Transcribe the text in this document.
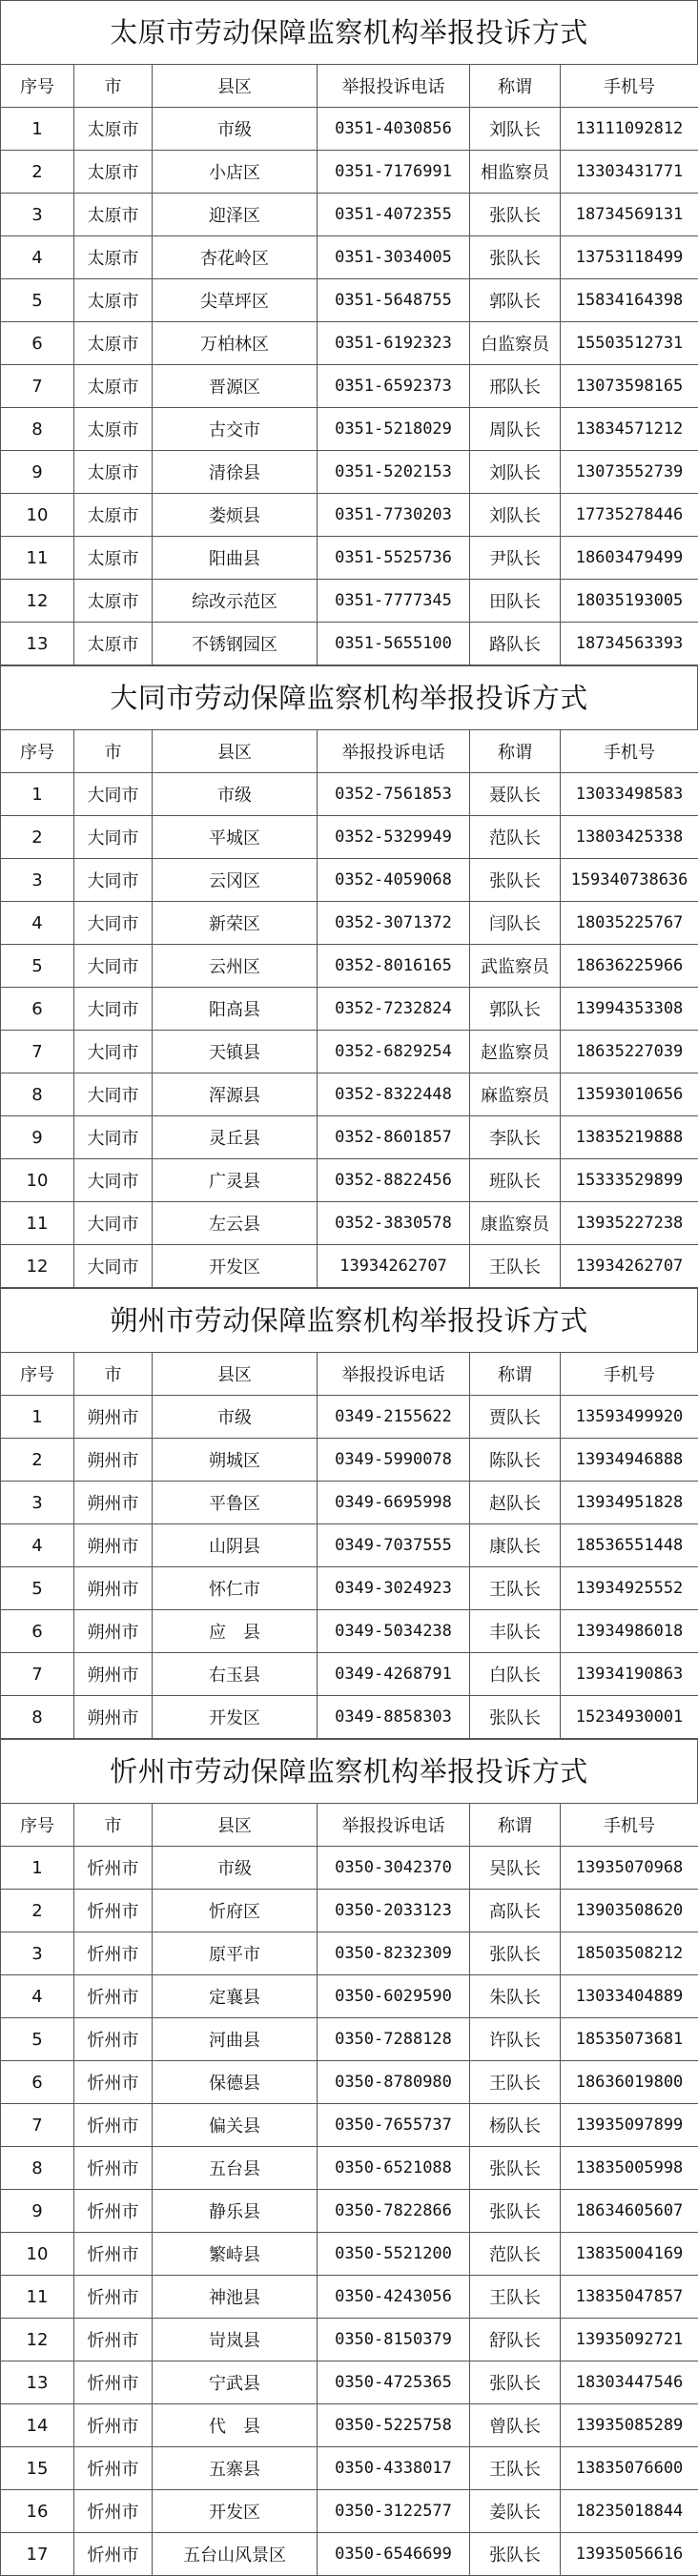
太原市劳动保障监察机构举报投诉方式
序号	市	县区	举报投诉电话	称谓	手机号
1	太原市	市级	0351-4030856	刘队长	13111092812
2	太原市	小店区	0351-7176991	相监察员	13303431771
3	太原市	迎泽区	0351-4072355	张队长	18734569131
4	太原市	杏花岭区	0351-3034005	张队长	13753118499
5	太原市	尖草坪区	0351-5648755	郭队长	15834164398
6	太原市	万柏林区	0351-6192323	白监察员	15503512731
7	太原市	晋源区	0351-6592373	邢队长	13073598165
8	太原市	古交市	0351-5218029	周队长	13834571212
9	太原市	清徐县	0351-5202153	刘队长	13073552739
10	太原市	娄烦县	0351-7730203	刘队长	17735278446
11	太原市	阳曲县	0351-5525736	尹队长	18603479499
12	太原市	综改示范区	0351-7777345	田队长	18035193005
13	太原市	不锈钢园区	0351-5655100	路队长	18734563393
大同市劳动保障监察机构举报投诉方式
序号	市	县区	举报投诉电话	称谓	手机号
1	大同市	市级	0352-7561853	聂队长	13033498583
2	大同市	平城区	0352-5329949	范队长	13803425338
3	大同市	云冈区	0352-4059068	张队长	159340738636
4	大同市	新荣区	0352-3071372	闫队长	18035225767
5	大同市	云州区	0352-8016165	武监察员	18636225966
6	大同市	阳高县	0352-7232824	郭队长	13994353308
7	大同市	天镇县	0352-6829254	赵监察员	18635227039
8	大同市	浑源县	0352-8322448	麻监察员	13593010656
9	大同市	灵丘县	0352-8601857	李队长	13835219888
10	大同市	广灵县	0352-8822456	班队长	15333529899
11	大同市	左云县	0352-3830578	康监察员	13935227238
12	大同市	开发区	13934262707	王队长	13934262707
朔州市劳动保障监察机构举报投诉方式
序号	市	县区	举报投诉电话	称谓	手机号
1	朔州市	市级	0349-2155622	贾队长	13593499920
2	朔州市	朔城区	0349-5990078	陈队长	13934946888
3	朔州市	平鲁区	0349-6695998	赵队长	13934951828
4	朔州市	山阴县	0349-7037555	康队长	18536551448
5	朔州市	怀仁市	0349-3024923	王队长	13934925552
6	朔州市	应　县	0349-5034238	丰队长	13934986018
7	朔州市	右玉县	0349-4268791	白队长	13934190863
8	朔州市	开发区	0349-8858303	张队长	15234930001
忻州市劳动保障监察机构举报投诉方式
序号	市	县区	举报投诉电话	称谓	手机号
1	忻州市	市级	0350-3042370	吴队长	13935070968
2	忻州市	忻府区	0350-2033123	高队长	13903508620
3	忻州市	原平市	0350-8232309	张队长	18503508212
4	忻州市	定襄县	0350-6029590	朱队长	13033404889
5	忻州市	河曲县	0350-7288128	许队长	18535073681
6	忻州市	保德县	0350-8780980	王队长	18636019800
7	忻州市	偏关县	0350-7655737	杨队长	13935097899
8	忻州市	五台县	0350-6521088	张队长	13835005998
9	忻州市	静乐县	0350-7822866	张队长	18634605607
10	忻州市	繁峙县	0350-5521200	范队长	13835004169
11	忻州市	神池县	0350-4243056	王队长	13835047857
12	忻州市	岢岚县	0350-8150379	舒队长	13935092721
13	忻州市	宁武县	0350-4725365	张队长	18303447546
14	忻州市	代　县	0350-5225758	曾队长	13935085289
15	忻州市	五寨县	0350-4338017	王队长	13835076600
16	忻州市	开发区	0350-3122577	姜队长	18235018844
17	忻州市	五台山风景区	0350-6546699	张队长	13935056616
